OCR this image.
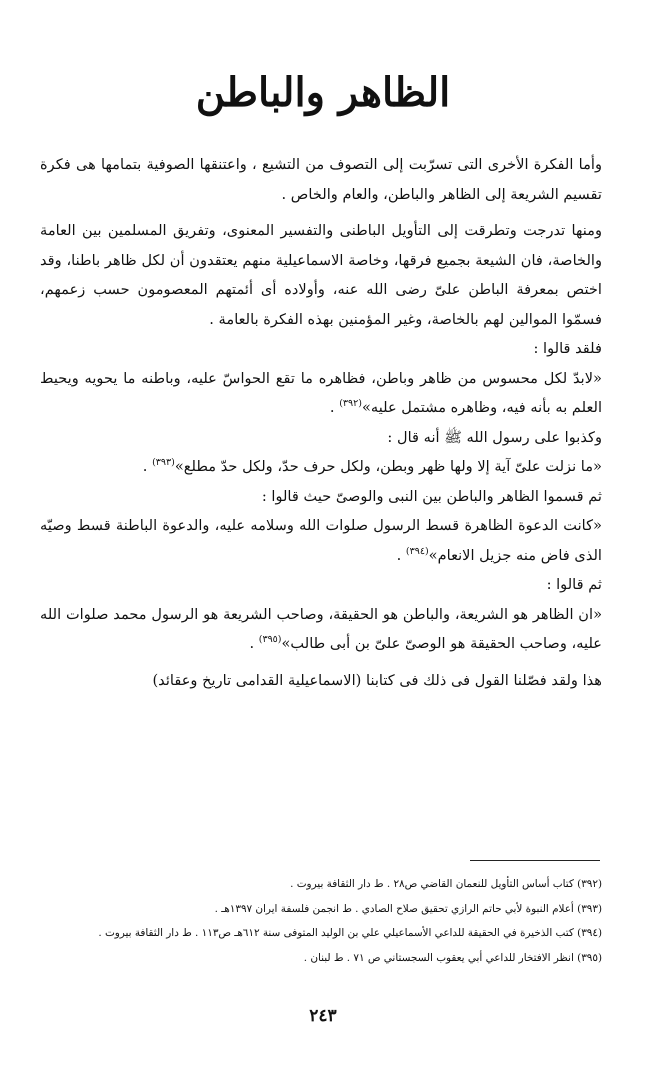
الظاهر والباطن

وأما الفكرة الأخرى التى تسرّبت إلى التصوف من التشيع ، واعتنقها الصوفية بتمامها هى فكرة تقسيم الشريعة إلى الظاهر والباطن، والعام والخاص .

ومنها تدرجت وتطرقت إلى التأويل الباطنى والتفسير المعنوى، وتفريق المسلمين بين العامة والخاصة، فان الشيعة بجميع فرقها، وخاصة الاسماعيلية منهم يعتقدون أن لكل ظاهر باطنا، وقد اختص بمعرفة الباطن علىّ رضى الله عنه، وأولاده أى أئمتهم المعصومون حسب زعمهم، فسمّوا الموالين لهم بالخاصة، وغير المؤمنين بهذه الفكرة بالعامة .

فلقد قالوا :

«لابدّ لكل محسوس من ظاهر وباطن، فظاهره ما تقع الحواسّ عليه، وباطنه ما يحويه ويحيط العلم به بأنه فيه، وظاهره مشتمل عليه»$^{(٣٩٢)}$ .

وكذبوا على رسول الله ﷺ أنه قال :

«ما نزلت علىّ آية إلا ولها ظهر وبطن، ولكل حرف حدّ، ولكل حدّ مطلع»$^{(٣٩٣)}$ .

ثم قسموا الظاهر والباطن بين النبى والوصىّ حيث قالوا :

«كانت الدعوة الظاهرة قسط الرسول صلوات الله وسلامه عليه، والدعوة الباطنة قسط وصيّه الذى فاض منه جزيل الانعام»$^{(٣٩٤)}$ .

ثم قالوا :

«ان الظاهر هو الشريعة، والباطن هو الحقيقة، وصاحب الشريعة هو الرسول محمد صلوات الله عليه، وصاحب الحقيقة هو الوصىّ علىّ بن أبى طالب»$^{(٣٩٥)}$ .

هذا ولقد فصّلنا القول فى ذلك فى كتابنا (الاسماعيلية القدامى تاريخ وعقائد)

(٣٩٢) كتاب أساس التأويل للنعمان القاضي ص٢٨ . ط دار الثقافة بيروت .

(٣٩٣) أعلام النبوة لأبي حاتم الرازي تحقيق صلاح الصادي . ط انجمن فلسفة ايران ١٣٩٧هـ .

(٣٩٤) كتب الذخيرة في الحقيقة للداعي الأسماعيلي علي بن الوليد المتوفى سنة ٦١٢هـ ص١١٣ . ط دار الثقافة بيروت .

(٣٩٥) انظر الافتخار للداعي أبي يعقوب السجستاني ص ٧١ . ط لبنان .

٢٤٣
